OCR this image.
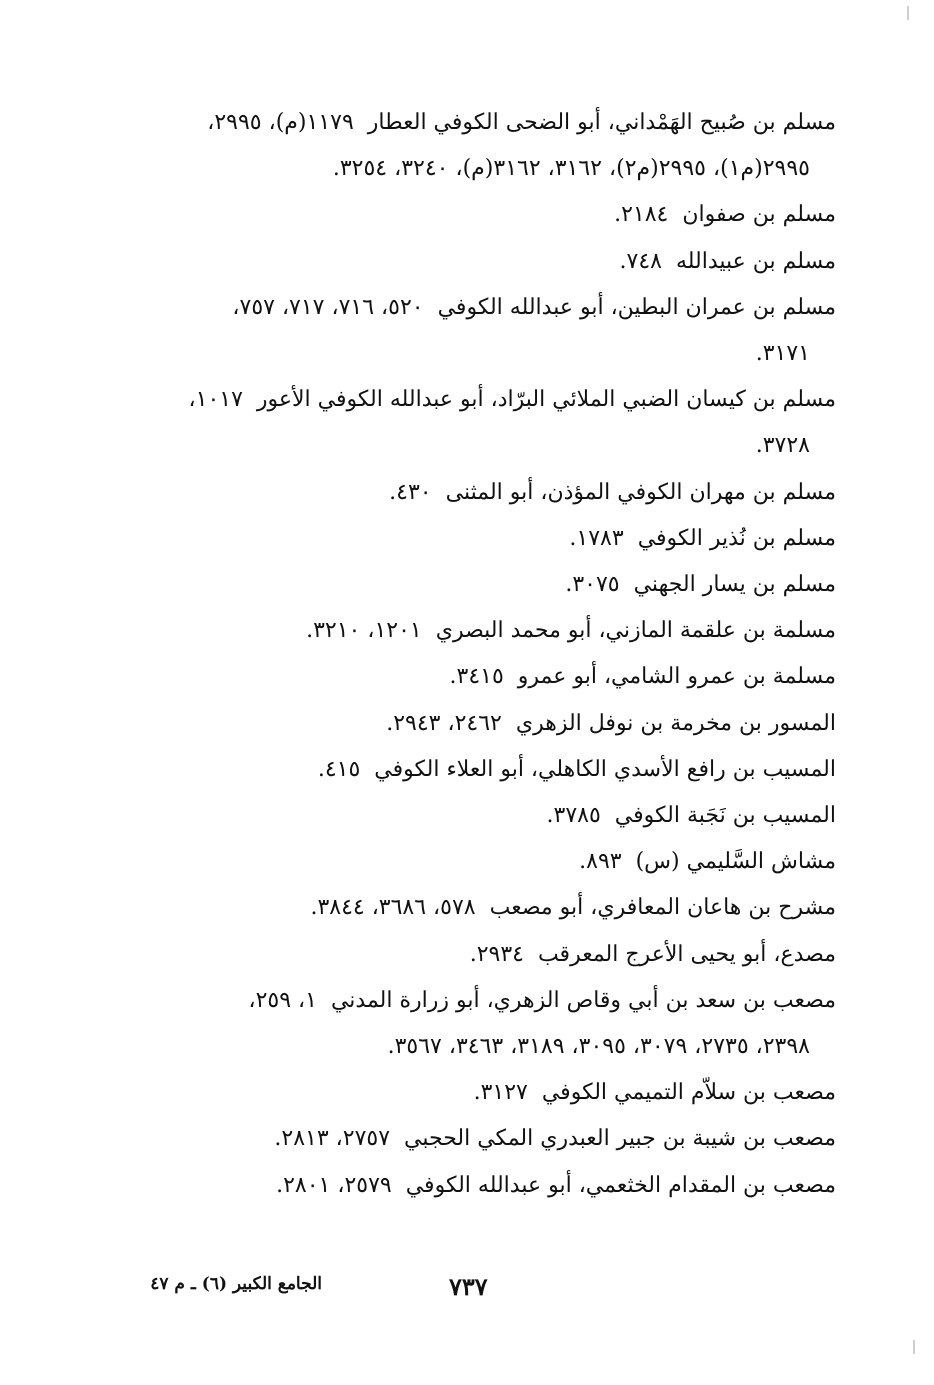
مسلم بن صُبيح الهَمْداني، أبو الضحى الكوفي العطار١١٧٩(م)، ٢٩٩٥،
٢٩٩٥(م١)، ٢٩٩٥(م٢)، ٣١٦٢، ٣١٦٢(م)، ٣٢٤٠، ٣٢٥٤.

مسلم بن صفوان٢١٨٤.

مسلم بن عبيدالله٧٤٨.

مسلم بن عمران البطين، أبو عبدالله الكوفي٥٢٠، ٧١٦، ٧١٧، ٧٥٧،
٣١٧١.

مسلم بن كيسان الضبي الملائي البرّاد، أبو عبدالله الكوفي الأعور١٠١٧،
٣٧٢٨.

مسلم بن مهران الكوفي المؤذن، أبو المثنى٤٣٠.

مسلم بن نُذير الكوفي١٧٨٣.

مسلم بن يسار الجهني٣٠٧٥.

مسلمة بن علقمة المازني، أبو محمد البصري١٢٠١، ٣٢١٠.

مسلمة بن عمرو الشامي، أبو عمرو٣٤١٥.

المسور بن مخرمة بن نوفل الزهري٢٤٦٢، ٢٩٤٣.

المسيب بن رافع الأسدي الكاهلي، أبو العلاء الكوفي٤١٥.

المسيب بن نَجَبة الكوفي٣٧٨٥.

مشاش السَّليمي (س)٨٩٣.

مشرح بن هاعان المعافري، أبو مصعب٥٧٨، ٣٦٨٦، ٣٨٤٤.

مصدع، أبو يحيى الأعرج المعرقب٢٩٣٤.

مصعب بن سعد بن أبي وقاص الزهري، أبو زرارة المدني١، ٢٥٩،
٢٣٩٨، ٢٧٣٥، ٣٠٧٩، ٣٠٩٥، ٣١٨٩، ٣٤٦٣، ٣٥٦٧.

مصعب بن سلاّم التميمي الكوفي٣١٢٧.

مصعب بن شيبة بن جبير العبدري المكي الحجبي٢٧٥٧، ٢٨١٣.

مصعب بن المقدام الخثعمي، أبو عبدالله الكوفي٢٥٧٩، ٢٨٠١.

الجامع الكبير (٦) ـ م ٤٧	٧٣٧
